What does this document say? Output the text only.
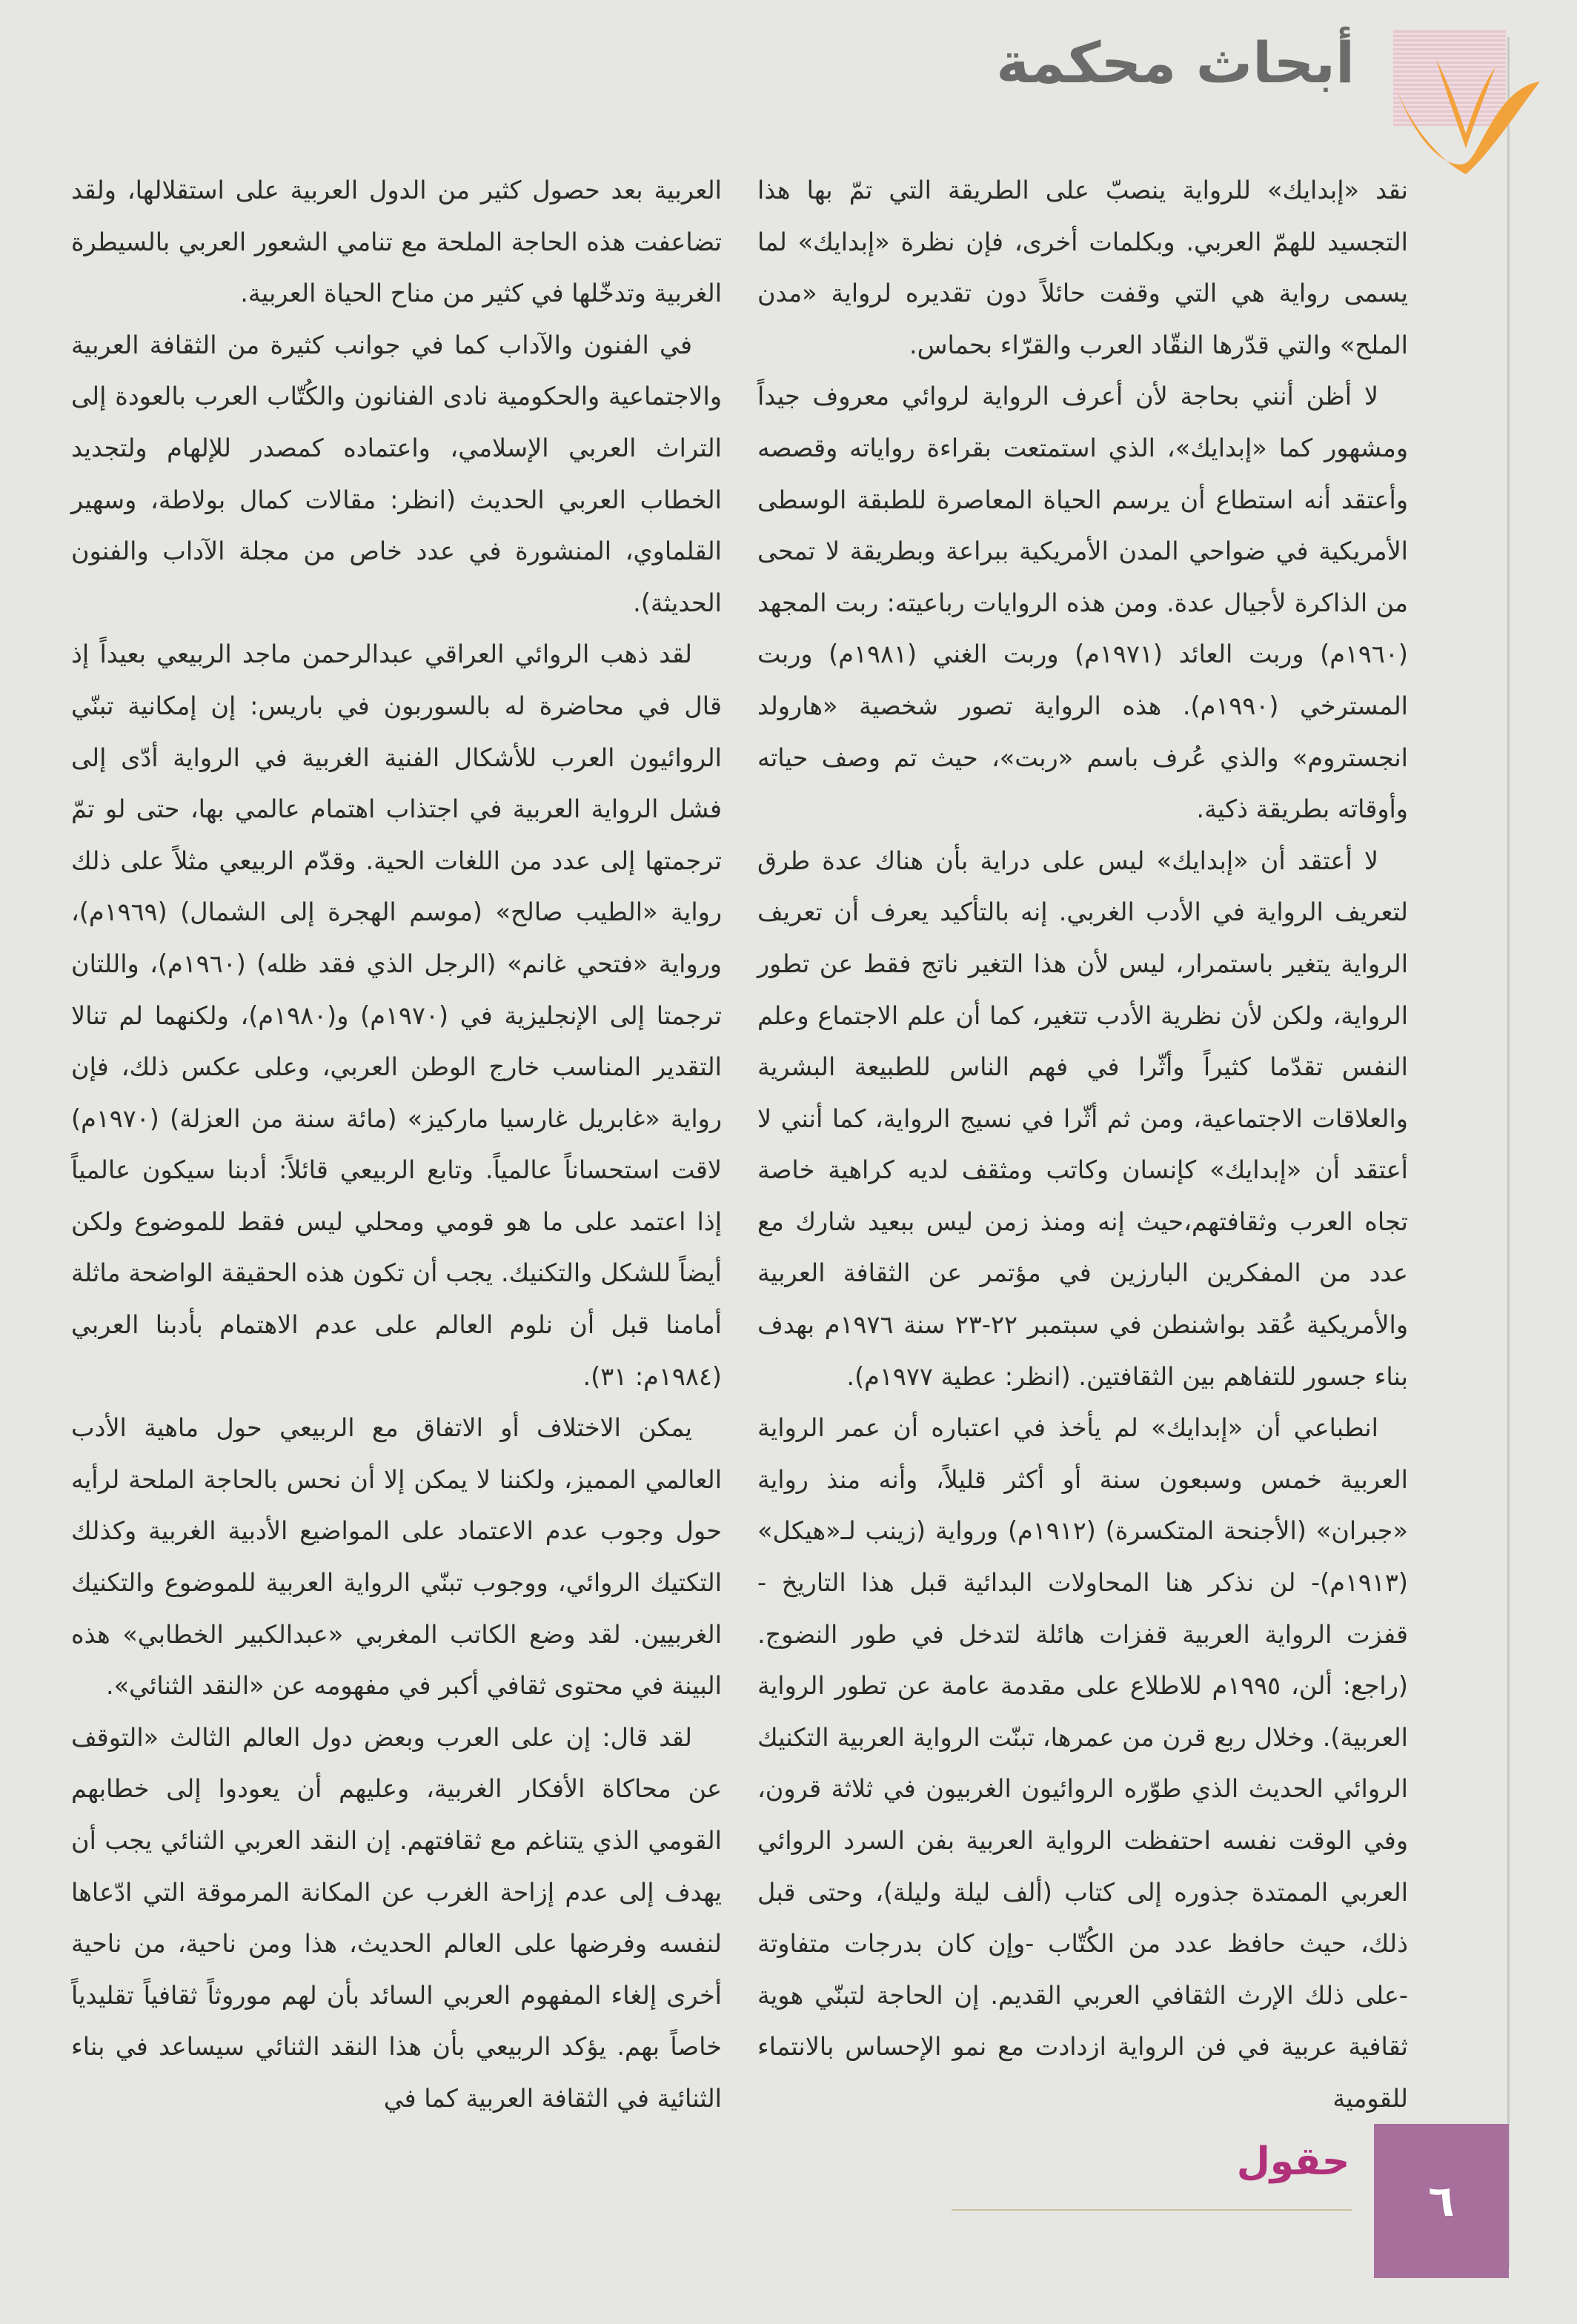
أبحاث محكمة

نقد «إبدايك» للرواية ينصبّ على الطريقة التي تمّ بها هذا التجسيد للهمّ العربي. وبكلمات أخرى، فإن نظرة «إبدايك» لما يسمى رواية هي التي وقفت حائلاً دون تقديره لرواية «مدن الملح» والتي قدّرها النقّاد العرب والقرّاء بحماس.

لا أظن أنني بحاجة لأن أعرف الرواية لروائي معروف جيداً ومشهور كما «إبدايك»، الذي استمتعت بقراءة رواياته وقصصه وأعتقد أنه استطاع أن يرسم الحياة المعاصرة للطبقة الوسطى الأمريكية في ضواحي المدن الأمريكية ببراعة وبطريقة لا تمحى من الذاكرة لأجيال عدة. ومن هذه الروايات رباعيته: ربت المجهد (١٩٦٠م) وربت العائد (١٩٧١م) وربت الغني (١٩٨١م) وربت المسترخي (١٩٩٠م). هذه الرواية تصور شخصية «هارولد انجستروم» والذي عُرف باسم «ربت»، حيث تم وصف حياته وأوقاته بطريقة ذكية.

لا أعتقد أن «إبدايك» ليس على دراية بأن هناك عدة طرق لتعريف الرواية في الأدب الغربي. إنه بالتأكيد يعرف أن تعريف الرواية يتغير باستمرار، ليس لأن هذا التغير ناتج فقط عن تطور الرواية، ولكن لأن نظرية الأدب تتغير، كما أن علم الاجتماع وعلم النفس تقدّما كثيراً وأثّرا في فهم الناس للطبيعة البشرية والعلاقات الاجتماعية، ومن ثم أثّرا في نسيج الرواية، كما أنني لا أعتقد أن «إبدايك» كإنسان وكاتب ومثقف لديه كراهية خاصة تجاه العرب وثقافتهم،حيث إنه ومنذ زمن ليس ببعيد شارك مع عدد من المفكرين البارزين في مؤتمر عن الثقافة العربية والأمريكية عُقد بواشنطن في سبتمبر ٢٢-٢٣ سنة ١٩٧٦م بهدف بناء جسور للتفاهم بين الثقافتين. (انظر: عطية ١٩٧٧م).

انطباعي أن «إبدايك» لم يأخذ في اعتباره أن عمر الرواية العربية خمس وسبعون سنة أو أكثر قليلاً، وأنه منذ رواية «جبران» (الأجنحة المتكسرة) (١٩١٢م) ورواية (زينب لـ«هيكل» (١٩١٣م)- لن نذكر هنا المحاولات البدائية قبل هذا التاريخ - قفزت الرواية العربية قفزات هائلة لتدخل في طور النضوج. (راجع: ألن، ١٩٩٥م للاطلاع على مقدمة عامة عن تطور الرواية العربية). وخلال ربع قرن من عمرها، تبنّت الرواية العربية التكنيك الروائي الحديث الذي طوّره الروائيون الغربيون في ثلاثة قرون، وفي الوقت نفسه احتفظت الرواية العربية بفن السرد الروائي العربي الممتدة جذوره إلى كتاب (ألف ليلة وليلة)، وحتى قبل ذلك، حيث حافظ عدد من الكُتّاب -وإن كان بدرجات متفاوتة -على ذلك الإرث الثقافي العربي القديم. إن الحاجة لتبنّي هوية ثقافية عربية في فن الرواية ازدادت مع نمو الإحساس بالانتماء للقومية

العربية بعد حصول كثير من الدول العربية على استقلالها، ولقد تضاعفت هذه الحاجة الملحة مع تنامي الشعور العربي بالسيطرة الغربية وتدخّلها في كثير من مناح الحياة العربية.

في الفنون والآداب كما في جوانب كثيرة من الثقافة العربية والاجتماعية والحكومية نادى الفنانون والكُتّاب العرب بالعودة إلى التراث العربي الإسلامي، واعتماده كمصدر للإلهام ولتجديد الخطاب العربي الحديث (انظر: مقالات كمال بولاطة، وسهير القلماوي، المنشورة في عدد خاص من مجلة الآداب والفنون الحديثة).

لقد ذهب الروائي العراقي عبدالرحمن ماجد الربيعي بعيداً إذ قال في محاضرة له بالسوربون في باريس: إن إمكانية تبنّي الروائيون العرب للأشكال الفنية الغربية في الرواية أدّى إلى فشل الرواية العربية في اجتذاب اهتمام عالمي بها، حتى لو تمّ ترجمتها إلى عدد من اللغات الحية. وقدّم الربيعي مثلاً على ذلك رواية «الطيب صالح» (موسم الهجرة إلى الشمال) (١٩٦٩م)، ورواية «فتحي غانم» (الرجل الذي فقد ظله) (١٩٦٠م)، واللتان ترجمتا إلى الإنجليزية في (١٩٧٠م) و(١٩٨٠م)، ولكنهما لم تنالا التقدير المناسب خارج الوطن العربي، وعلى عكس ذلك، فإن رواية «غابريل غارسيا ماركيز» (مائة سنة من العزلة) (١٩٧٠م) لاقت استحساناً عالمياً. وتابع الربيعي قائلاً: أدبنا سيكون عالمياً إذا اعتمد على ما هو قومي ومحلي ليس فقط للموضوع ولكن أيضاً للشكل والتكنيك. يجب أن تكون هذه الحقيقة الواضحة ماثلة أمامنا قبل أن نلوم العالم على عدم الاهتمام بأدبنا العربي (١٩٨٤م: ٣١).

يمكن الاختلاف أو الاتفاق مع الربيعي حول ماهية الأدب العالمي المميز، ولكننا لا يمكن إلا أن نحس بالحاجة الملحة لرأيه حول وجوب عدم الاعتماد على المواضيع الأدبية الغربية وكذلك التكتيك الروائي، ووجوب تبنّي الرواية العربية للموضوع والتكنيك الغربيين. لقد وضع الكاتب المغربي «عبدالكبير الخطابي» هذه البينة في محتوى ثقافي أكبر في مفهومه عن «النقد الثنائي».

لقد قال: إن على العرب وبعض دول العالم الثالث «التوقف عن محاكاة الأفكار الغربية، وعليهم أن يعودوا إلى خطابهم القومي الذي يتناغم مع ثقافتهم. إن النقد العربي الثنائي يجب أن يهدف إلى عدم إزاحة الغرب عن المكانة المرموقة التي ادّعاها لنفسه وفرضها على العالم الحديث، هذا ومن ناحية، من ناحية أخرى إلغاء المفهوم العربي السائد بأن لهم موروثاً ثقافياً تقليدياً خاصاً بهم. يؤكد الربيعي بأن هذا النقد الثنائي سيساعد في بناء الثنائية في الثقافة العربية كما في

حقول
٦
